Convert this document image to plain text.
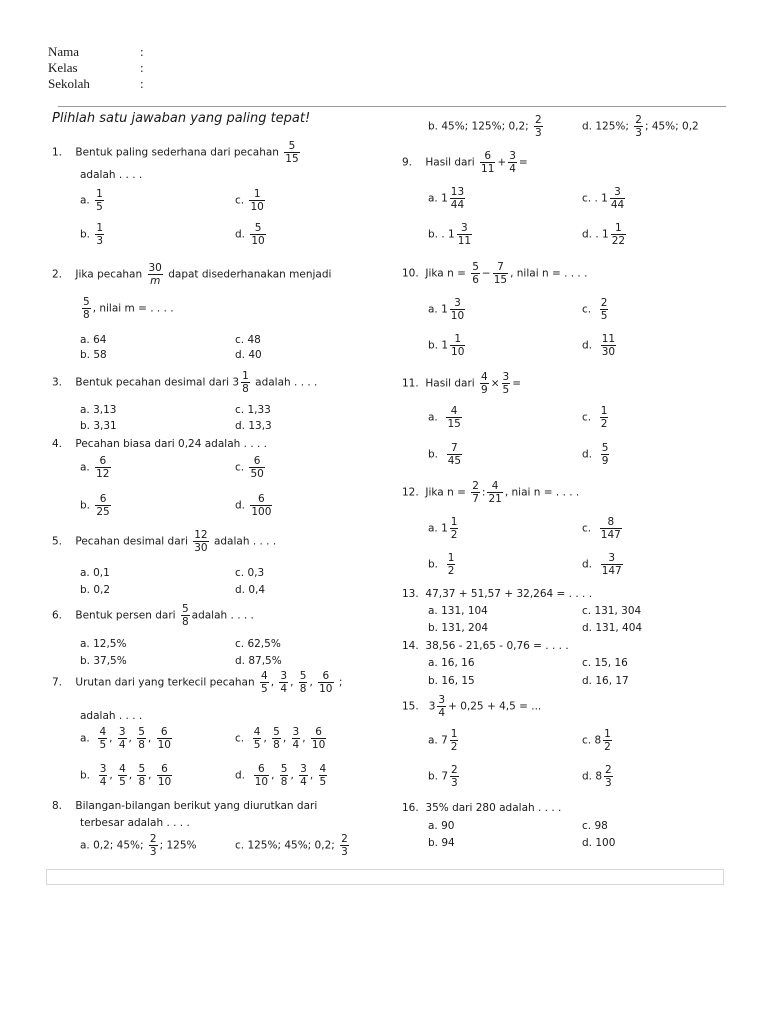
Nama	:
Kelas	:
Sekolah	:
Plihlah satu jawaban yang paling tepat!
1. Bentuk paling sederhana dari pecahan $\frac{5}{15}$
adalah . . . .
a. $\frac{1}{5}$	c. $\frac{1}{10}$
b. $\frac{1}{3}$	d. $\frac{5}{10}$
2. Jika pecahan $\frac{30}{m}$ dapat disederhanakan menjadi
$\frac{5}{8}$ , nilai m = . . . .
a. 64	c. 48
b. 58	d. 40
3. Bentuk pecahan desimal dari $3 \frac{1}{8}$ adalah . . . .
a. 3,13	c. 1,33
b. 3,31	d. 13,3
4. Pecahan biasa dari 0,24 adalah . . . .
a. $\frac{6}{12}$	c. $\frac{6}{50}$
b. $\frac{6}{25}$	d. $\frac{6}{100}$
5. Pecahan desimal dari $\frac{12}{30}$ adalah . . . .
a. 0,1	c. 0,3
b. 0,2	d. 0,4
6. Bentuk persen dari $\frac{5}{8}$ adalah . . . .
a. 12,5%	c. 62,5%
b. 37,5%	d. 87,5%
7. Urutan dari yang terkecil pecahan $\frac{4}{5}$ , $\frac{3}{4}$ , $\frac{5}{8}$ , $\frac{6}{10}$ ;
adalah . . . .
a. $\frac{4}{5}$ , $\frac{3}{4}$ , $\frac{5}{8}$ , $\frac{6}{10}$	c. $\frac{4}{5}$ , $\frac{5}{8}$ , $\frac{3}{4}$ , $\frac{6}{10}$
b. $\frac{3}{4}$ , $\frac{4}{5}$ , $\frac{5}{8}$ , $\frac{6}{10}$	d. $\frac{6}{10}$ , $\frac{5}{8}$ , $\frac{3}{4}$ , $\frac{4}{5}$
8. Bilangan-bilangan berikut yang diurutkan dari
terbesar adalah . . . .
a. 0,2; 45%; $\frac{2}{3}$ ; 125%	c. 125%; 45%; 0,2; $\frac{2}{3}$
b. 45%; 125%; 0,2; $\frac{2}{3}$	d. 125%; $\frac{2}{3}$ ; 45%; 0,2
9. Hasil dari $\frac{6}{11} + \frac{3}{4}$ =
a. $1 \frac{13}{44}$	c. . $1 \frac{3}{44}$
b. . $1 \frac{3}{11}$	d. . $1 \frac{1}{22}$
10. Jika $n = \frac{5}{6} - \frac{7}{15}$ , nilai n = . . . .
a. $1 \frac{3}{10}$	c. $\frac{2}{5}$
b. $1 \frac{1}{10}$	d. $\frac{11}{30}$
11. Hasil dari $\frac{4}{9} \times \frac{3}{5}$ =
a. $\frac{4}{15}$	c. $\frac{1}{2}$
b. $\frac{7}{45}$	d. $\frac{5}{9}$
12. Jika $n = \frac{2}{7}$ : $\frac{4}{21}$ , niai n = . . . .
a. $1 \frac{1}{2}$	c. $\frac{8}{147}$
b. $\frac{1}{2}$	d. $\frac{3}{147}$
13. 47,37 + 51,57 + 32,264 = . . . .
a. 131, 104	c. 131, 304
b. 131, 204	d. 131, 404
14. 38,56 - 21,65 - 0,76 = . . . .
a. 16, 16	c. 15, 16
b. 16, 15	d. 16, 17
15.   $3 \frac{3}{4} + 0,25 + 4,5$ = ...
a. $7 \frac{1}{2}$	c. $8 \frac{1}{2}$
b. $7 \frac{2}{3}$	d. $8 \frac{2}{3}$
16. 35% dari 280 adalah . . . .
a. 90	c. 98
b. 94	d. 100
